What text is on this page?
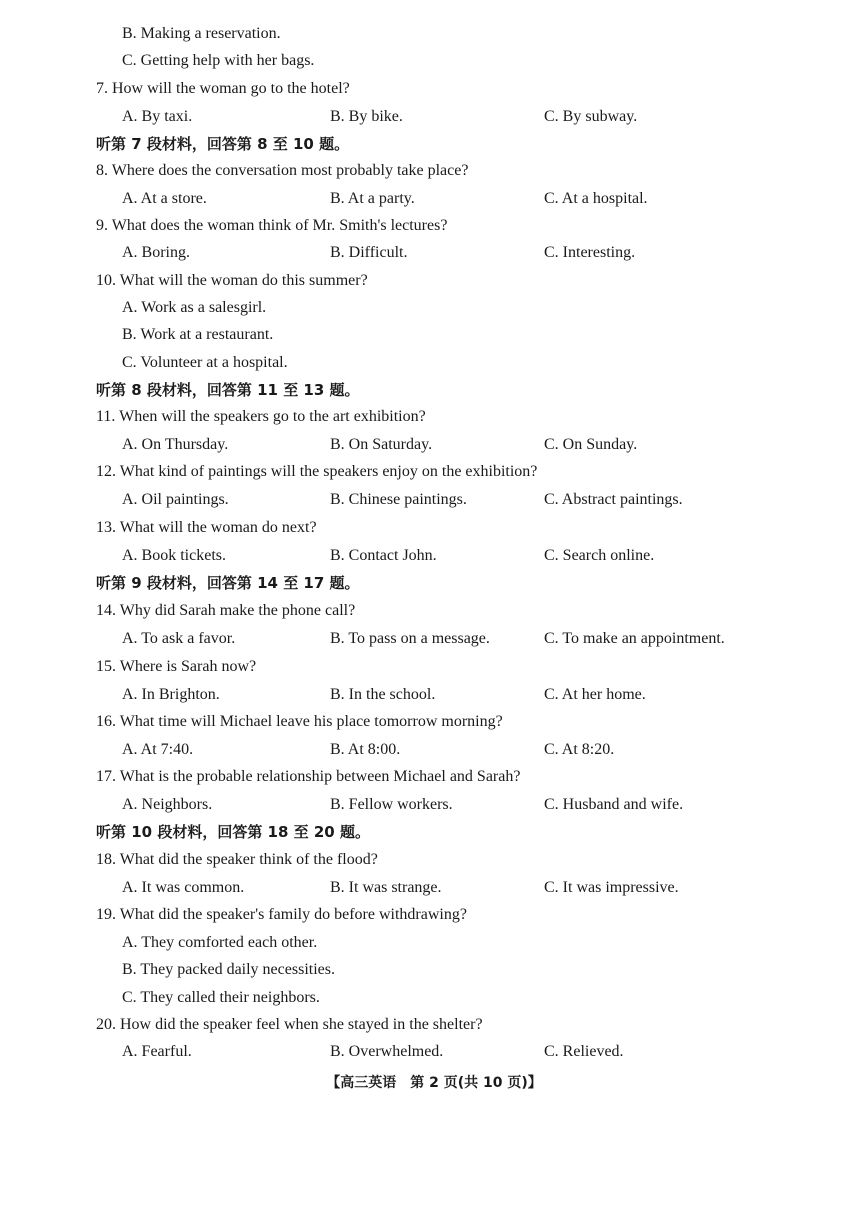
B. Making a reservation.
C. Getting help with her bags.
7. How will the woman go to the hotel?
A. By taxi.	B. By bike.	C. By subway.
听第 7 段材料，回答第 8 至 10 题。
8. Where does the conversation most probably take place?
A. At a store.	B. At a party.	C. At a hospital.
9. What does the woman think of Mr. Smith's lectures?
A. Boring.	B. Difficult.	C. Interesting.
10. What will the woman do this summer?
A. Work as a salesgirl.
B. Work at a restaurant.
C. Volunteer at a hospital.
听第 8 段材料，回答第 11 至 13 题。
11. When will the speakers go to the art exhibition?
A. On Thursday.	B. On Saturday.	C. On Sunday.
12. What kind of paintings will the speakers enjoy on the exhibition?
A. Oil paintings.	B. Chinese paintings.	C. Abstract paintings.
13. What will the woman do next?
A. Book tickets.	B. Contact John.	C. Search online.
听第 9 段材料，回答第 14 至 17 题。
14. Why did Sarah make the phone call?
A. To ask a favor.	B. To pass on a message.	C. To make an appointment.
15. Where is Sarah now?
A. In Brighton.	B. In the school.	C. At her home.
16. What time will Michael leave his place tomorrow morning?
A. At 7:40.	B. At 8:00.	C. At 8:20.
17. What is the probable relationship between Michael and Sarah?
A. Neighbors.	B. Fellow workers.	C. Husband and wife.
听第 10 段材料，回答第 18 至 20 题。
18. What did the speaker think of the flood?
A. It was common.	B. It was strange.	C. It was impressive.
19. What did the speaker's family do before withdrawing?
A. They comforted each other.
B. They packed daily necessities.
C. They called their neighbors.
20. How did the speaker feel when she stayed in the shelter?
A. Fearful.	B. Overwhelmed.	C. Relieved.
【高三英语　第 2 页(共 10 页)】
